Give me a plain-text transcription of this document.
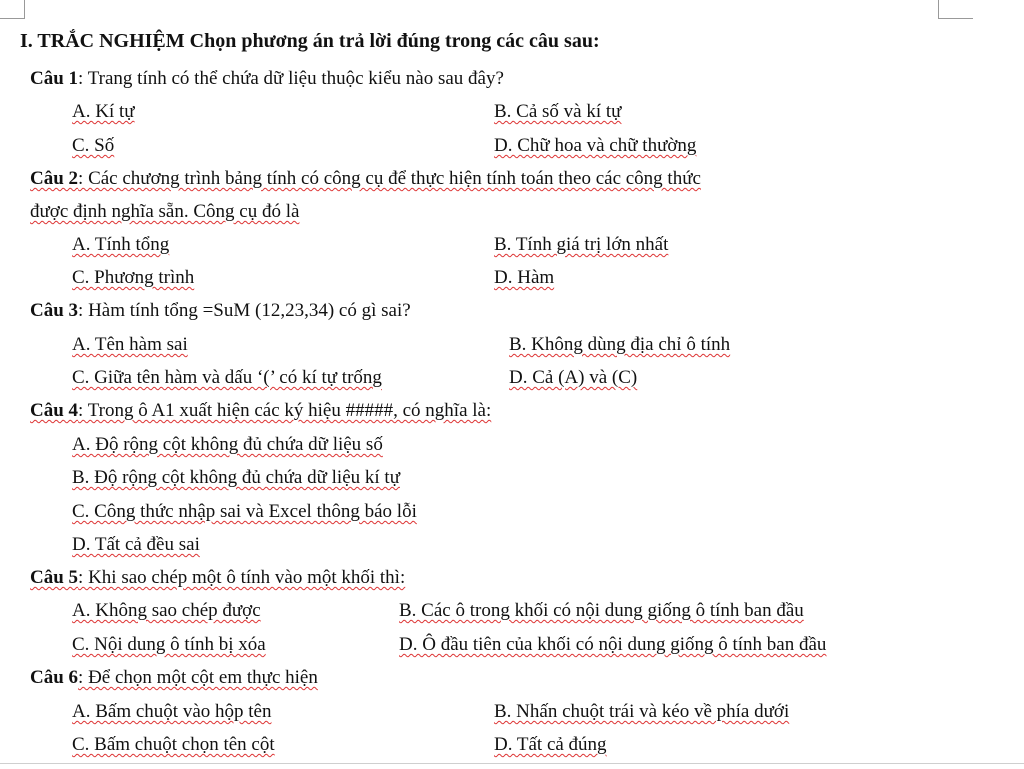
I. TRẮC NGHIỆM Chọn phương án trả lời đúng trong các câu sau:
Câu 1: Trang tính có thể chứa dữ liệu thuộc kiểu nào sau đây?
A. Kí tự	B. Cả số và kí tự
C. Số	D. Chữ hoa và chữ thường
Câu 2: Các chương trình bảng tính có công cụ để thực hiện tính toán theo các công thức
được định nghĩa sẵn. Công cụ đó là
A. Tính tổng	B. Tính giá trị lớn nhất
C. Phương trình	D. Hàm
Câu 3: Hàm tính tổng =SuM (12,23,34) có gì sai?
A. Tên hàm sai	B. Không dùng địa chỉ ô tính
C. Giữa tên hàm và dấu ‘(’ có kí tự trống	D. Cả (A) và (C)
Câu 4: Trong ô A1 xuất hiện các ký hiệu #####, có nghĩa là:
A. Độ rộng cột không đủ chứa dữ liệu số
B. Độ rộng cột không đủ chứa dữ liệu kí tự
C. Công thức nhập sai và Excel thông báo lỗi
D. Tất cả đều sai
Câu 5: Khi sao chép một ô tính vào một khối thì:
A. Không sao chép được	B. Các ô trong khối có nội dung giống ô tính ban đầu
C. Nội dung ô tính bị xóa	D. Ô đầu tiên của khối có nội dung giống ô tính ban đầu
Câu 6: Để chọn một cột em thực hiện
A. Bấm chuột vào hộp tên	B. Nhấn chuột trái và kéo về phía dưới
C. Bấm chuột chọn tên cột	D. Tất cả đúng
